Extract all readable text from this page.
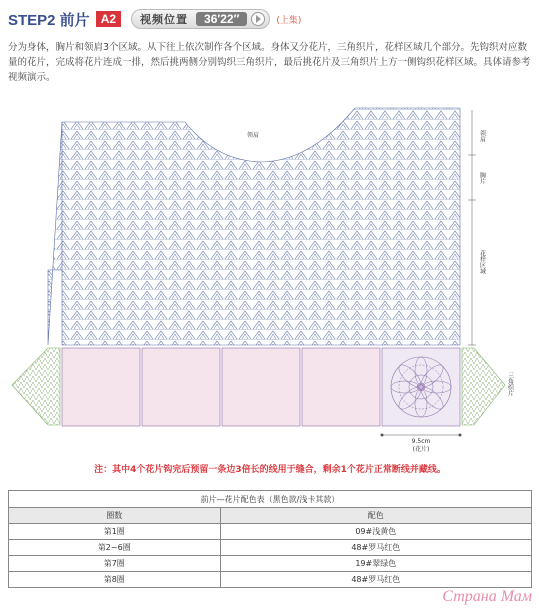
STEP2 前片 A2	视频位置	36′22″	(上集)
分为身体，胸片和领肩3个区域。从下往上依次制作各个区域。身体又分花片，三角织片，花样区域几个部分。先钩织对应数量的花片，完成将花片连成一排，然后挑两侧分别钩织三角织片，最后挑花片及三角织片上方一侧钩织花样区域。具体请参考视频演示。
领肩	领肩
胸片
花样区域
三角织片
9.5cm
(花片)
注：其中4个花片钩完后预留一条边3倍长的线用于缝合，剩余1个花片正常断线并藏线。
前片—花片配色表（黑色款/浅卡其款）	
圈数	配色
第1圈	09#浅黄色
第2~6圈	48#罗马红色
第7圈	19#翠绿色
第8圈	48#罗马红色
Страна Мам
